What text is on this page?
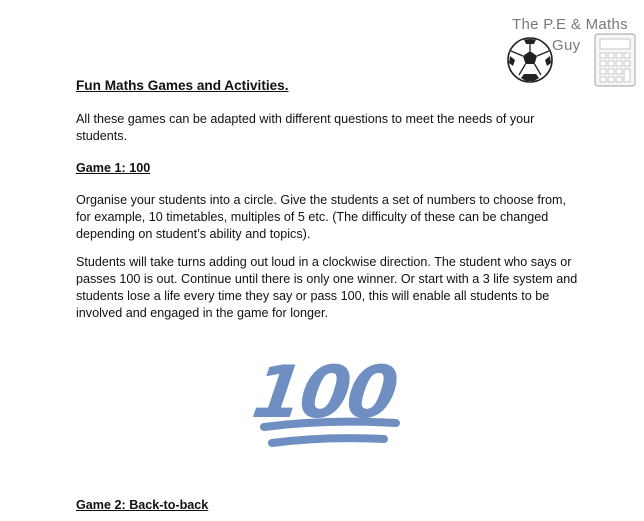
The P.E & Maths
Guy
Fun Maths Games and Activities.

All these games can be adapted with different questions to meet the needs of your students.

Game 1: 100

Organise your students into a circle. Give the students a set of numbers to choose from, for example, 10 timetables, multiples of 5 etc. (The difficulty of these can be changed depending on student’s ability and topics).

Students will take turns adding out loud in a clockwise direction. The student who says or passes 100 is out. Continue until there is only one winner. Or start with a 3 life system and students lose a life every time they say or pass 100, this will enable all students to be involved and engaged in the game for longer.

Game 2: Back-to-back
100
